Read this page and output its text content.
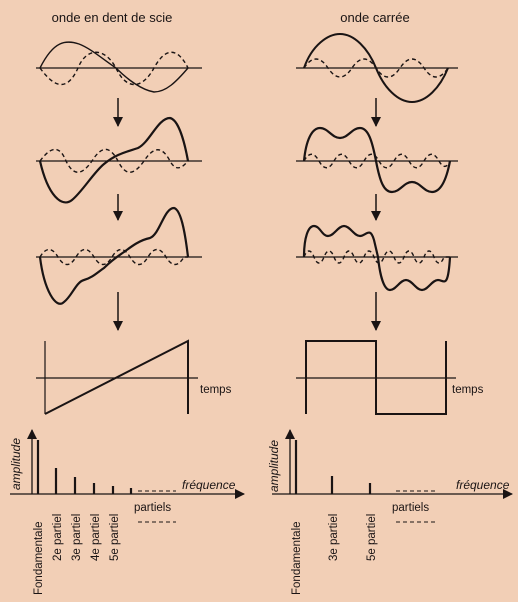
onde en dent de scie	onde carrée
temps
amplitude	fréquence
partiels
Fondamentale 2e partiel 3e partiel 4e partiel 5e partiel
temps
amplitude	fréquence
partiels
Fondamentale 3e partiel 5e partiel
